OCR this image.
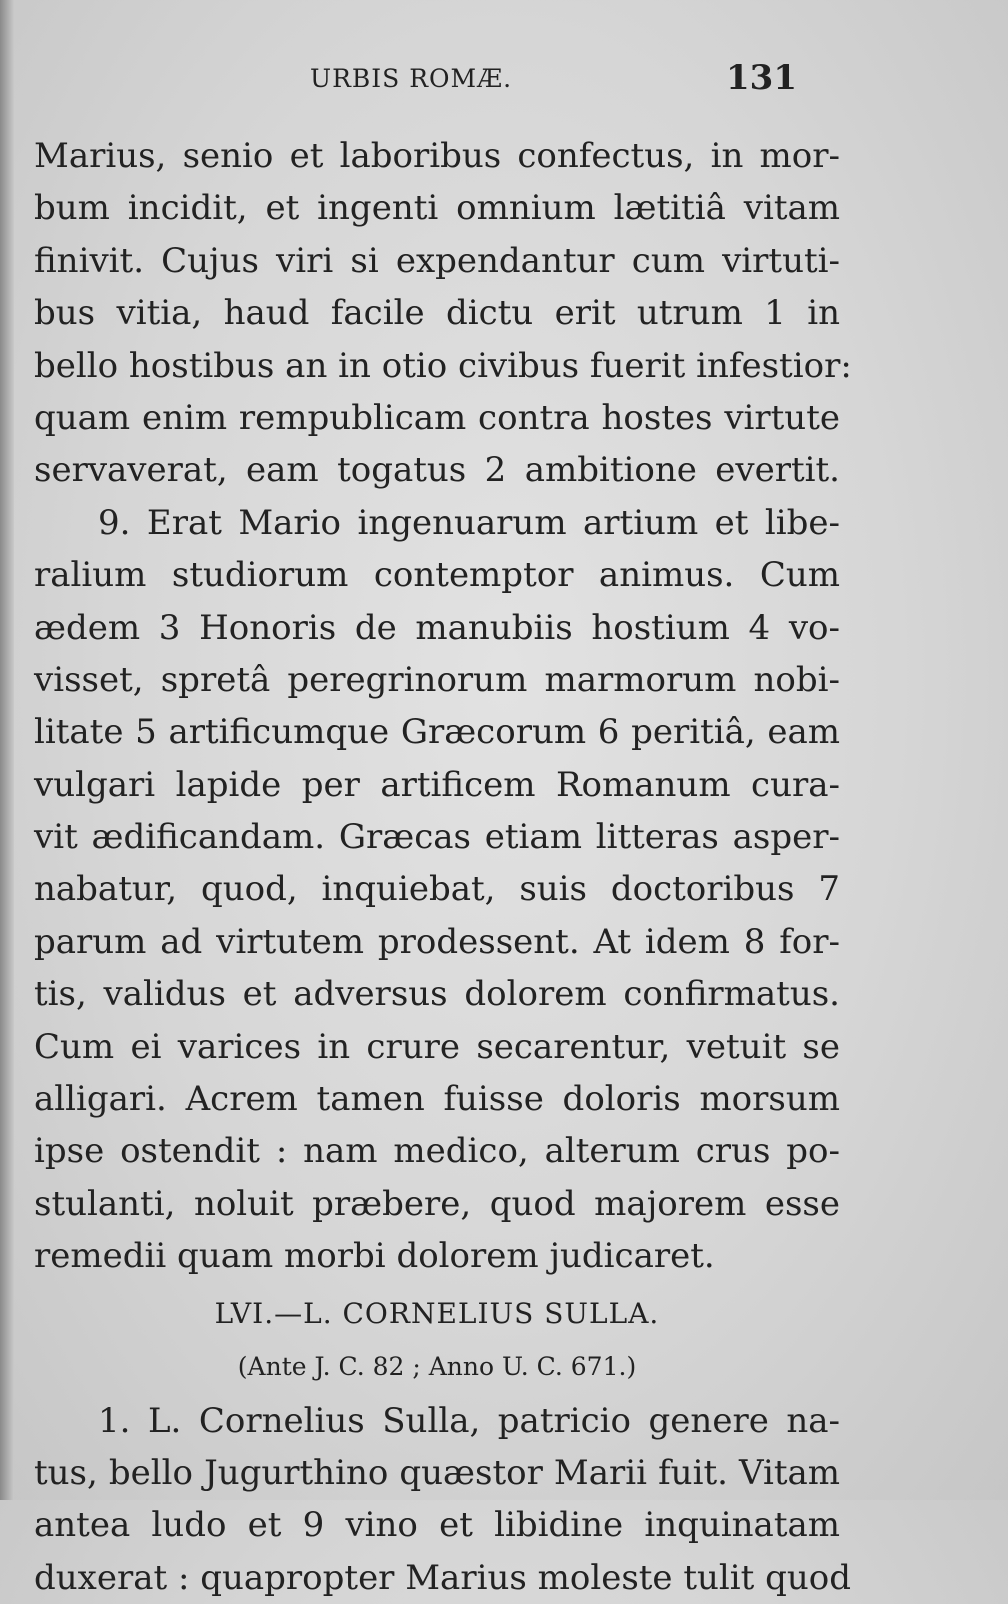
URBIS ROMÆ.	131
Marius, senio et laboribus confectus, in mor-
bum incidit, et ingenti omnium lætitiâ vitam
finivit. Cujus viri si expendantur cum virtuti-
bus vitia, haud facile dictu erit utrum 1 in
bello hostibus an in otio civibus fuerit infestior:
quam enim rempublicam contra hostes virtute
servaverat, eam togatus 2 ambitione evertit.
9. Erat Mario ingenuarum artium et libe-
ralium studiorum contemptor animus. Cum
ædem 3 Honoris de manubiis hostium 4 vo-
visset, spretâ peregrinorum marmorum nobi-
litate 5 artificumque Græcorum 6 peritiâ, eam
vulgari lapide per artificem Romanum cura-
vit ædificandam. Græcas etiam litteras asper-
nabatur, quod, inquiebat, suis doctoribus 7
parum ad virtutem prodessent. At idem 8 for-
tis, validus et adversus dolorem confirmatus.
Cum ei varices in crure secarentur, vetuit se
alligari. Acrem tamen fuisse doloris morsum
ipse ostendit : nam medico, alterum crus po-
stulanti, noluit præbere, quod majorem esse
remedii quam morbi dolorem judicaret.
LVI.—L. CORNELIUS SULLA.
(Ante J. C. 82 ; Anno U. C. 671.)
1. L. Cornelius Sulla, patricio genere na-
tus, bello Jugurthino quæstor Marii fuit. Vitam
antea ludo et 9 vino et libidine inquinatam
duxerat : quapropter Marius moleste tulit quod
